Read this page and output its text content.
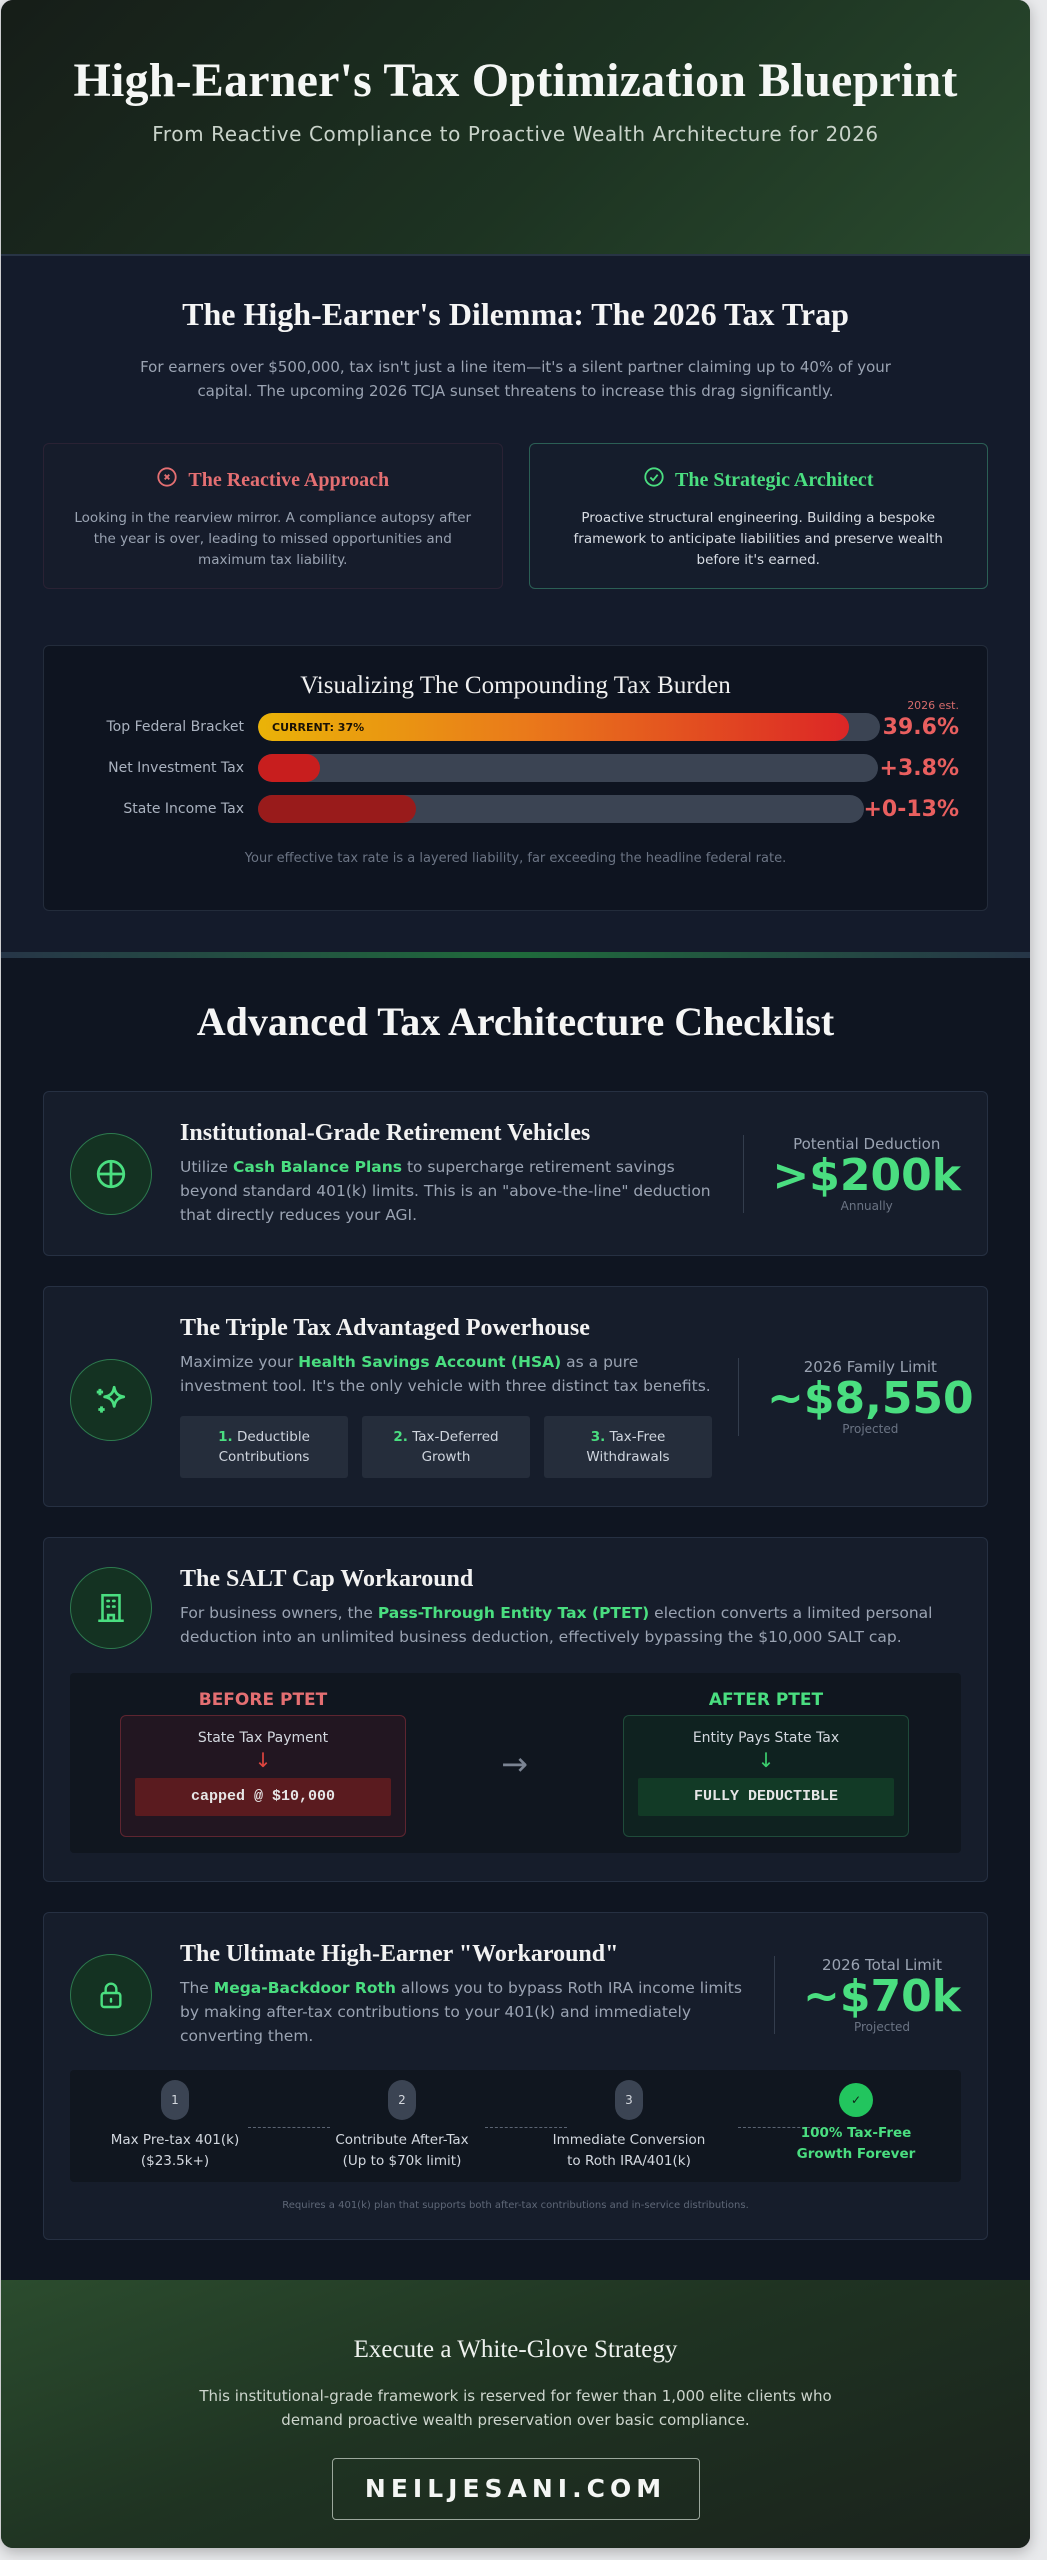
High-Earner's Tax Optimization Blueprint
From Reactive Compliance to Proactive Wealth Architecture for 2026
The High-Earner's Dilemma: The 2026 Tax Trap

For earners over $500,000, tax isn't just a line item—it's a silent partner claiming up to 40% of your capital. The upcoming 2026 TCJA sunset threatens to increase this drag significantly.

The Reactive Approach

Looking in the rearview mirror. A compliance autopsy after the year is over, leading to missed opportunities and maximum tax liability.

The Strategic Architect

Proactive structural engineering. Building a bespoke framework to anticipate liabilities and preserve wealth before it's earned.

Visualizing The Compounding Tax Burden
Top Federal Bracket	CURRENT: 37%
2026 est.
39.6%
Net Investment Tax	+3.8%
State Income Tax	+0-13%

Your effective tax rate is a layered liability, far exceeding the headline federal rate.

Advanced Tax Architecture Checklist
Institutional-Grade Retirement Vehicles

Utilize Cash Balance Plans to supercharge retirement savings beyond standard 401(k) limits. This is an "above-the-line" deduction that directly reduces your AGI.

Potential Deduction
>$200k
Annually
The Triple Tax Advantaged Powerhouse

Maximize your Health Savings Account (HSA) as a pure investment tool. It's the only vehicle with three distinct tax benefits.

1. Deductible
Contributions
2. Tax-Deferred
Growth
3. Tax-Free
Withdrawals
2026 Family Limit
~$8,550
Projected
The SALT Cap Workaround

For business owners, the Pass-Through Entity Tax (PTET) election converts a limited personal deduction into an unlimited business deduction, effectively bypassing the $10,000 SALT cap.

BEFORE PTET
State Tax Payment
↓
capped @ $10,000
→
AFTER PTET
Entity Pays State Tax
↓
FULLY DEDUCTIBLE
The Ultimate High-Earner "Workaround"

The Mega-Backdoor Roth allows you to bypass Roth IRA income limits by making after-tax contributions to your 401(k) and immediately converting them.

2026 Total Limit
~$70k
Projected
1
Max Pre-tax 401(k)
($23.5k+)
2
Contribute After-Tax
(Up to $70k limit)
3
Immediate Conversion
to Roth IRA/401(k)
✓
100% Tax-Free
Growth Forever

Requires a 401(k) plan that supports both after-tax contributions and in-service distributions.

Execute a White-Glove Strategy

This institutional-grade framework is reserved for fewer than 1,000 elite clients who demand proactive wealth preservation over basic compliance.

NEILJESANI.COM
